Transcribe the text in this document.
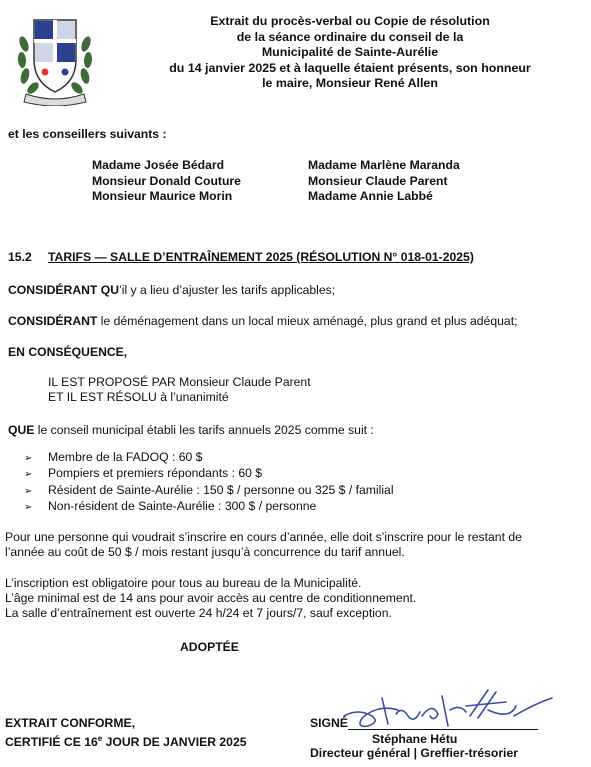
Extrait du procès-verbal ou Copie de résolution
de la séance ordinaire du conseil de la
Municipalité de Sainte-Aurélie
du 14 janvier 2025 et à laquelle étaient présents, son honneur
le maire, Monsieur René Allen
et les conseillers suivants :
Madame Josée Bédard
Monsieur Donald Couture
Monsieur Maurice Morin
Madame Marlène Maranda
Monsieur Claude Parent
Madame Annie Labbé
15.2 TARIFS — SALLE D’ENTRAÎNEMENT 2025 (RÉSOLUTION N° 018-01-2025)
CONSIDÉRANT QU’il y a lieu d’ajuster les tarifs applicables;
CONSIDÉRANT le déménagement dans un local mieux aménagé, plus grand et plus adéquat;
EN CONSÉQUENCE,
IL EST PROPOSÉ PAR Monsieur Claude Parent
ET IL EST RÉSOLU à l’unanimité
QUE le conseil municipal établi les tarifs annuels 2025 comme suit :
➢ Membre de la FADOQ : 60 $
➢ Pompiers et premiers répondants : 60 $
➢ Résident de Sainte-Aurélie : 150 $ / personne ou 325 $ / familial
➢ Non-résident de Sainte-Aurélie : 300 $ / personne
Pour une personne qui voudrait s’inscrire en cours d’année, elle doit s’inscrire pour le restant de
l’année au coût de 50 $ / mois restant jusqu’à concurrence du tarif annuel.
L’inscription est obligatoire pour tous au bureau de la Municipalité.
L’âge minimal est de 14 ans pour avoir accès au centre de conditionnement.
La salle d’entraînement est ouverte 24 h/24 et 7 jours/7, sauf exception.
ADOPTÉE
EXTRAIT CONFORME,
CERTIFIÉ CE 16e JOUR DE JANVIER 2025
SIGNÉ
Stéphane Hétu
Directeur général | Greffier-trésorier
